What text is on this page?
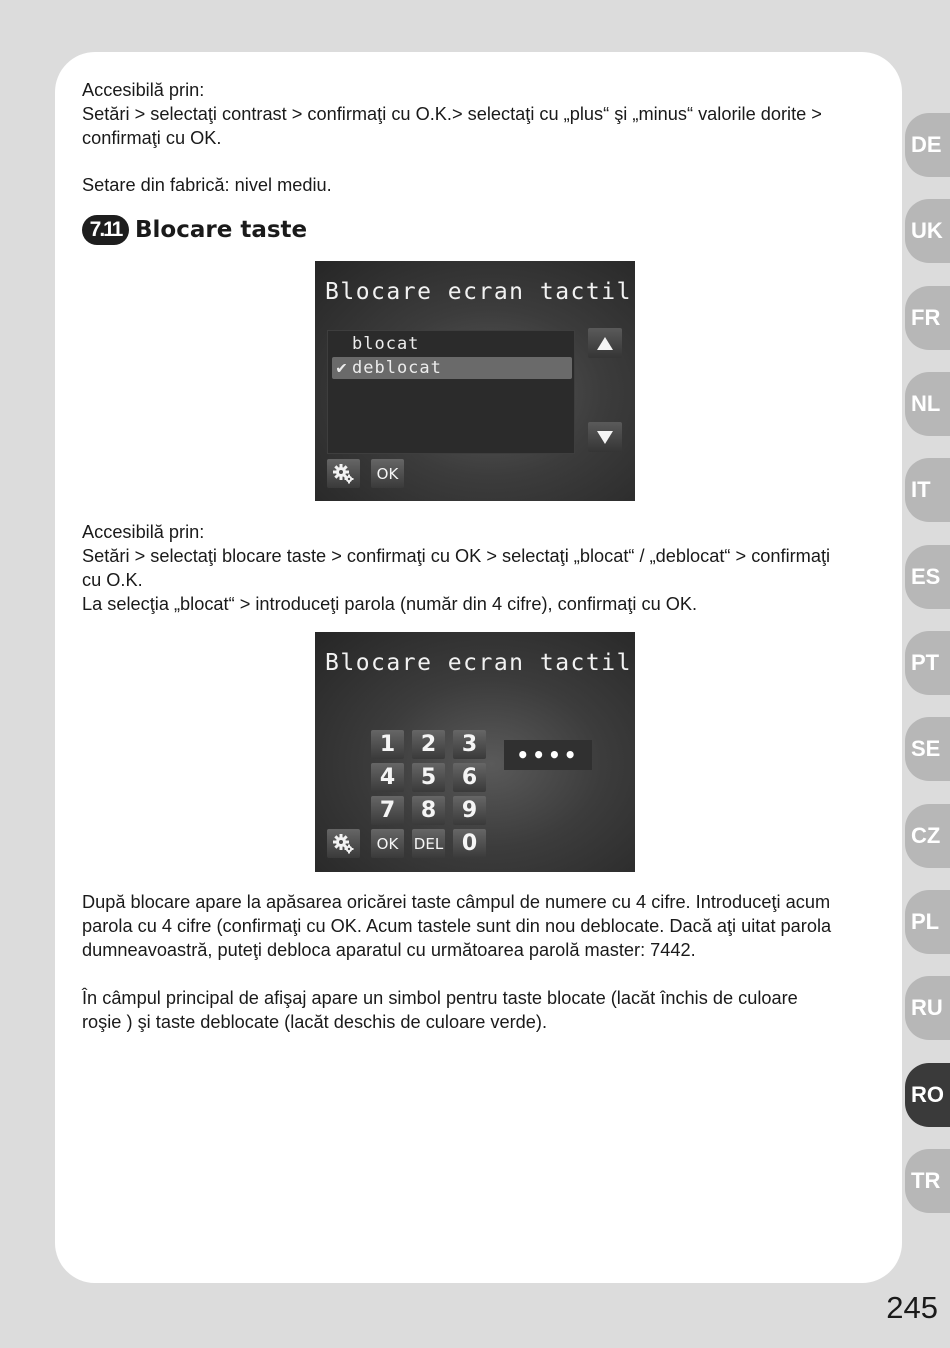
Accesibilă prin:
Setări > selectaţi contrast > confirmaţi cu O.K.> selectaţi cu „plus“ şi „minus“ valorile dorite >
confirmaţi cu OK.
Setare din fabrică: nivel mediu.
7.11 Blocare taste
Blocare ecran tactil
blocat
✔ deblocat
OK
Accesibilă prin:
Setări > selectaţi blocare taste > confirmaţi cu OK > selectaţi „blocat“ / „deblocat“ > confirmaţi
cu O.K.
La selecţia „blocat“ > introduceţi parola (număr din 4 cifre), confirmaţi cu OK.
Blocare ecran tactil
1	2	3
4	5	6
7	8	9
OK	DEL 0
••••
După blocare apare la apăsarea oricărei taste câmpul de numere cu 4 cifre. Introduceţi acum
parola cu 4 cifre (confirmaţi cu OK. Acum tastele sunt din nou deblocate. Dacă aţi uitat parola
dumneavoastră, puteţi debloca aparatul cu următoarea parolă master: 7442.
În câmpul principal de afişaj apare un simbol pentru taste blocate (lacăt închis de culoare
roşie ) şi taste deblocate (lacăt deschis de culoare verde).
DE
UK
FR
NL
IT
ES
PT
SE
CZ
PL
RU
RO
TR
245
